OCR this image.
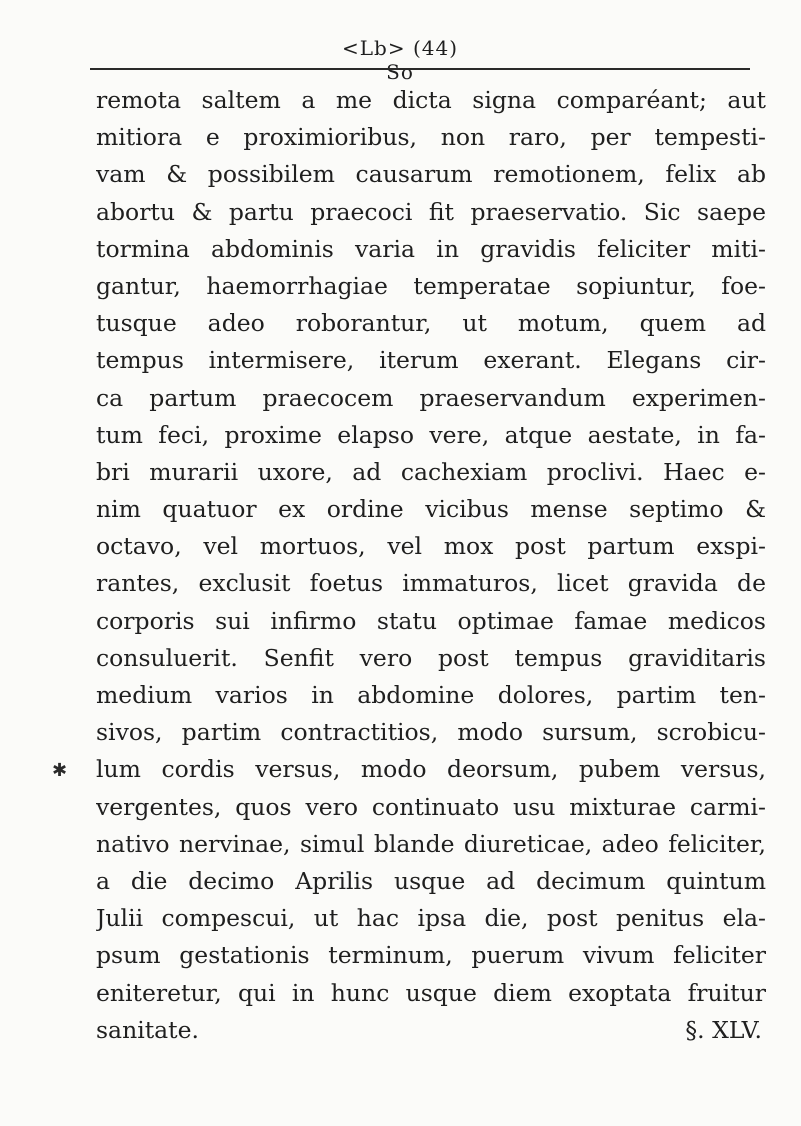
<Lb> (44) So
✱
remota saltem a me dicta signa comparéant; aut
mitiora e proximioribus, non raro, per tempesti-
vam & possibilem causarum remotionem, felix ab
abortu & partu praecoci fit praeservatio. Sic saepe
tormina abdominis varia in gravidis feliciter miti-
gantur, haemorrhagiae temperatae sopiuntur, foe-
tusque adeo roborantur, ut motum, quem ad
tempus intermisere, iterum exerant. Elegans cir-
ca partum praecocem praeservandum experimen-
tum feci, proxime elapso vere, atque aestate, in fa-
bri murarii uxore, ad cachexiam proclivi. Haec e-
nim quatuor ex ordine vicibus mense septimo &
octavo, vel mortuos, vel mox post partum exspi-
rantes, exclusit foetus immaturos, licet gravida de
corporis sui infirmo statu optimae famae medicos
consuluerit. Senfit vero post tempus graviditaris
medium varios in abdomine dolores, partim ten-
sivos, partim contractitios, modo sursum, scrobicu-
lum cordis versus, modo deorsum, pubem versus,
vergentes, quos vero continuato usu mixturae carmi-
nativo nervinae, simul blande diureticae, adeo feliciter,
a die decimo Aprilis usque ad decimum quintum
Julii compescui, ut hac ipsa die, post penitus ela-
psum gestationis terminum, puerum vivum feliciter
eniteretur, qui in hunc usque diem exoptata fruitur
sanitate.	§. XLV.
